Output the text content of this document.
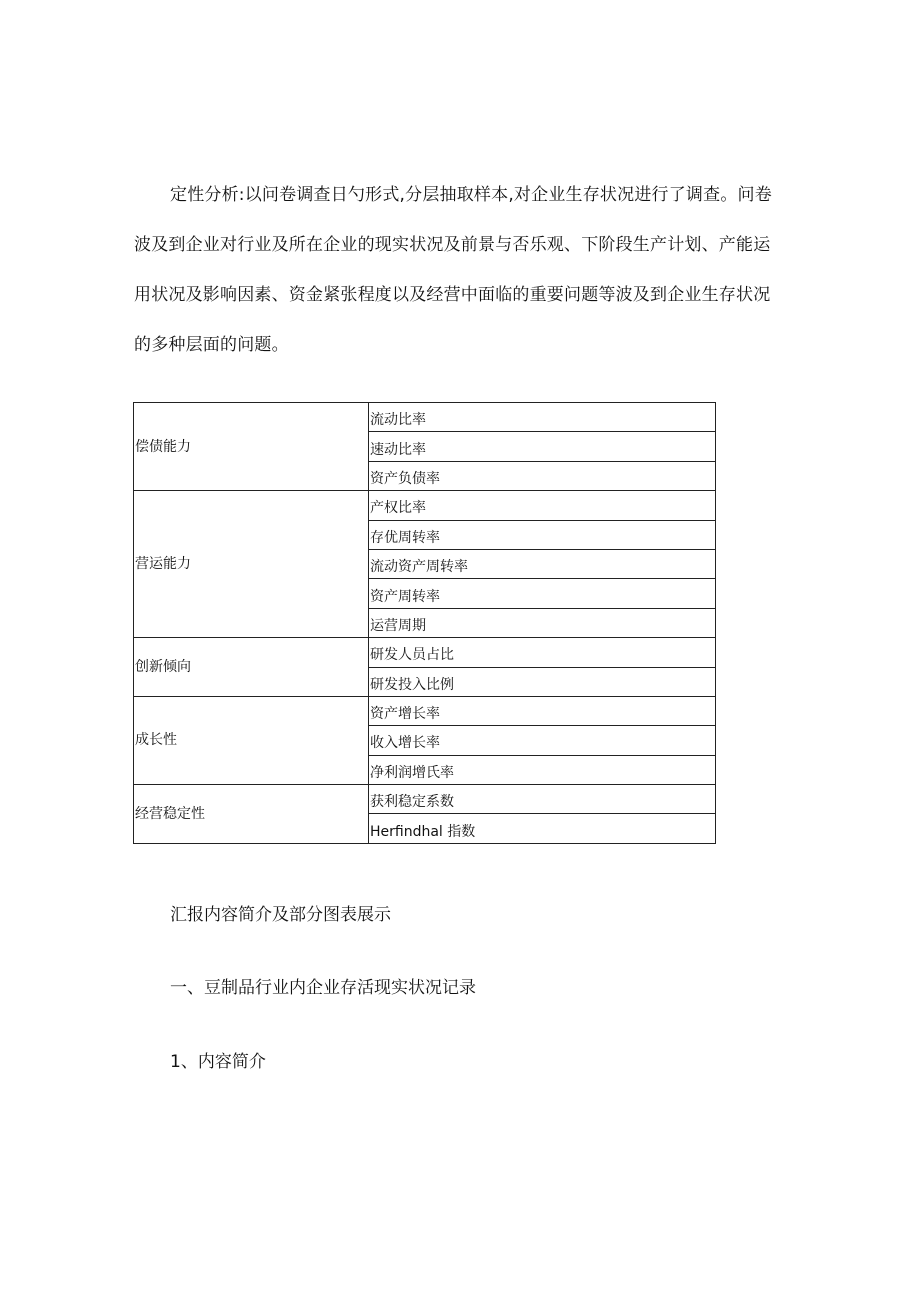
定性分析:以问卷调查日勺形式,分层抽取样本,对企业生存状况进行了调查。问卷波及到企业对行业及所在企业的现实状况及前景与否乐观、下阶段生产计划、产能运用状况及影响因素、资金紧张程度以及经营中面临的重要问题等波及到企业生存状况的多种层面的问题。

偿债能力	流动比率
	速动比率
	资产负债率
营运能力	产权比率
	存优周转率
	流动资产周转率
	资产周转率
	运营周期
创新倾向	研发人员占比
	研发投入比例
成长性	资产增长率
	收入增长率
	净利润增氏率
经营稳定性	获利稳定系数
	Herfindhal 指数

汇报内容简介及部分图表展示

一、豆制品行业内企业存活现实状况记录

1、内容简介
